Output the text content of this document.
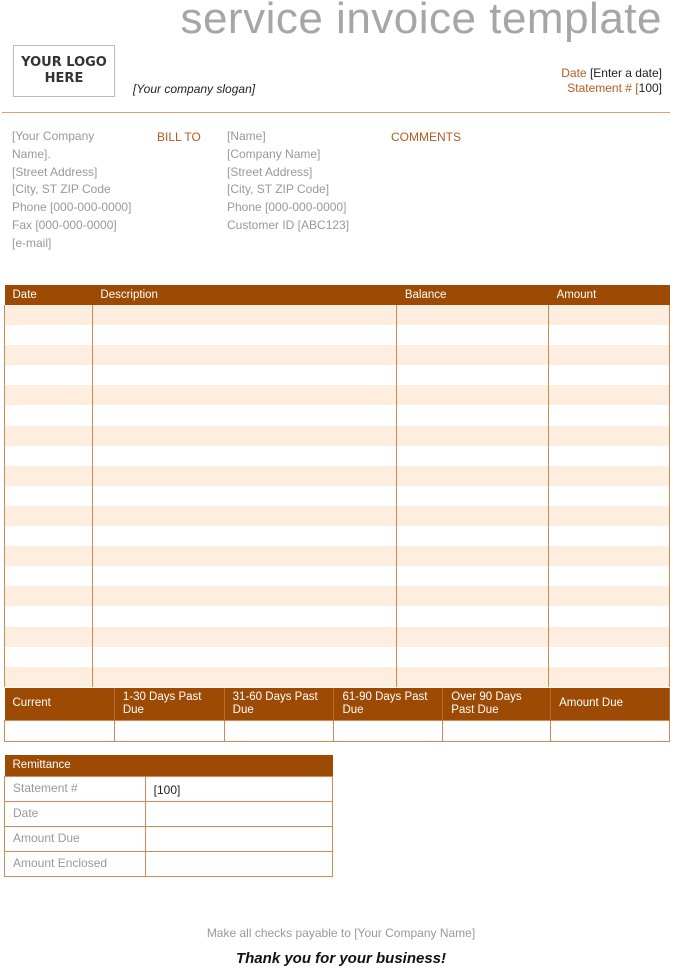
service invoice template
YOUR LOGO HERE
[Your company slogan]
Date [Enter a date]
Statement # [100]
[Your Company
Name].
[Street Address]
[City, ST ZIP Code
Phone [000-000-0000]
Fax [000-000-0000]
[e-mail]
BILL TO [Name]
[Company Name]
[Street Address]
[City, ST ZIP Code]
Phone [000-000-0000]
Customer ID [ABC123]
COMMENTS
Date	Description	Balance	Amount

Current	1-30 Days Past Due	31-60 Days Past Due	61-90 Days Past Due	Over 90 Days Past Due	Amount Due

Remittance	
Statement #	[100]
Date	
Amount Due	
Amount Enclosed	
Make all checks payable to [Your Company Name]
Thank you for your business!
